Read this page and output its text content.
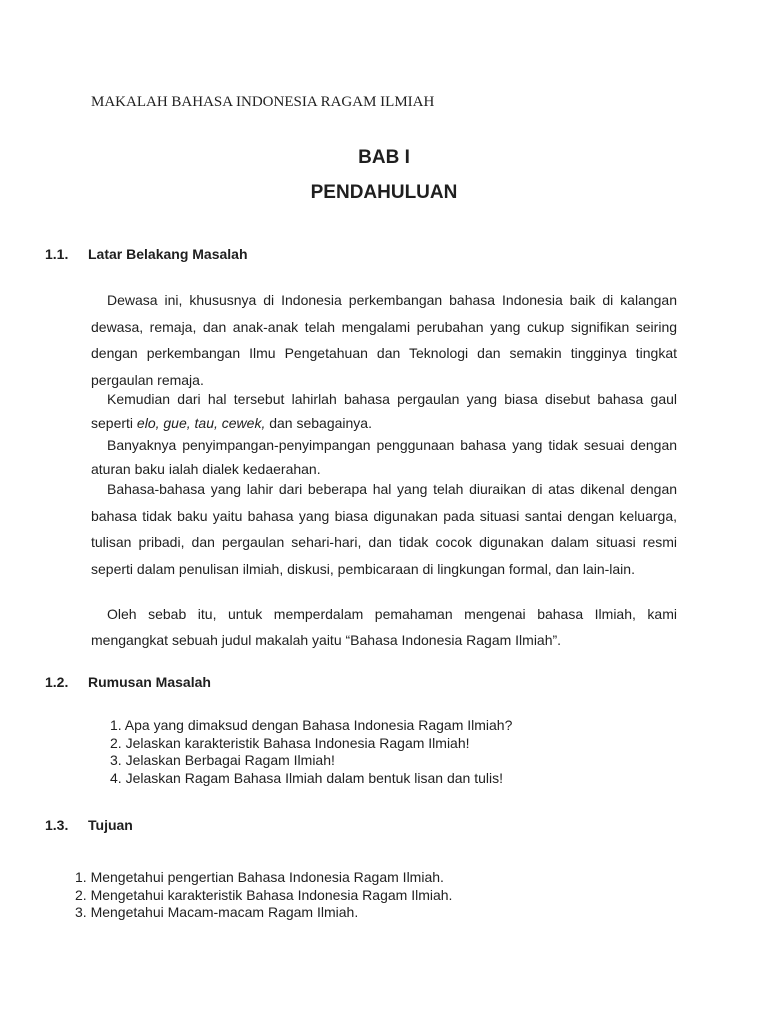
MAKALAH BAHASA INDONESIA RAGAM ILMIAH
BAB I
PENDAHULUAN
1.1.	Latar Belakang Masalah

Dewasa ini, khususnya di Indonesia perkembangan bahasa Indonesia baik di kalangan dewasa, remaja, dan anak-anak telah mengalami perubahan yang cukup signifikan seiring dengan perkembangan Ilmu Pengetahuan dan Teknologi dan semakin tingginya tingkat pergaulan remaja.

Kemudian dari hal tersebut lahirlah bahasa pergaulan yang biasa disebut bahasa gaul seperti elo, gue, tau, cewek, dan sebagainya.

Banyaknya penyimpangan-penyimpangan penggunaan bahasa yang tidak sesuai dengan aturan baku ialah dialek kedaerahan.

Bahasa-bahasa yang lahir dari beberapa hal yang telah diuraikan di atas dikenal dengan bahasa tidak baku yaitu bahasa yang biasa digunakan pada situasi santai dengan keluarga, tulisan pribadi, dan pergaulan sehari-hari, dan tidak cocok digunakan dalam situasi resmi seperti dalam penulisan ilmiah, diskusi, pembicaraan di lingkungan formal, dan lain-lain.

Oleh sebab itu, untuk memperdalam pemahaman mengenai bahasa Ilmiah, kami mengangkat sebuah judul makalah yaitu “Bahasa Indonesia Ragam Ilmiah”.

1.2.	Rumusan Masalah
1. Apa yang dimaksud dengan Bahasa Indonesia Ragam Ilmiah?
2. Jelaskan karakteristik Bahasa Indonesia Ragam Ilmiah!
3. Jelaskan Berbagai Ragam Ilmiah!
4. Jelaskan Ragam Bahasa Ilmiah dalam bentuk lisan dan tulis!
1.3.	Tujuan
1. Mengetahui pengertian Bahasa Indonesia Ragam Ilmiah.
2. Mengetahui karakteristik Bahasa Indonesia Ragam Ilmiah.
3. Mengetahui Macam-macam Ragam Ilmiah.
